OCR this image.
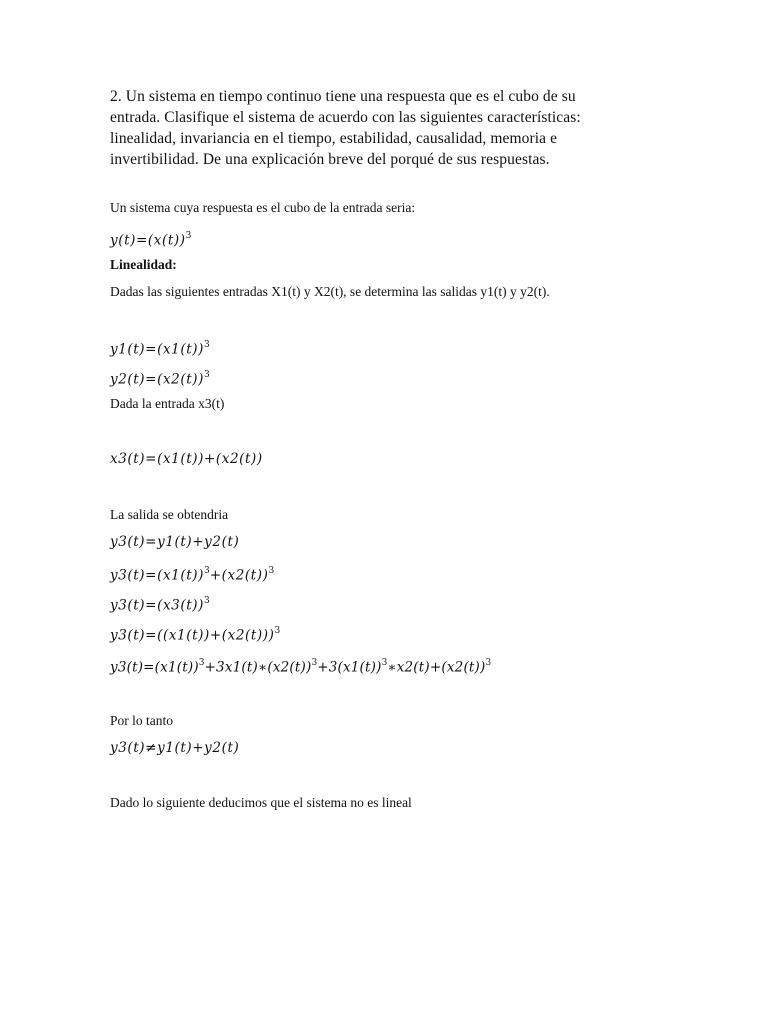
2. Un sistema en tiempo continuo tiene una respuesta que es el cubo de su
entrada. Clasifique el sistema de acuerdo con las siguientes características:
linealidad, invariancia en el tiempo, estabilidad, causalidad, memoria e
invertibilidad. De una explicación breve del porqué de sus respuestas.
Un sistema cuya respuesta es el cubo de la entrada seria:
$y(t)=(x(t))^3$
Linealidad:
Dadas las siguientes entradas X1(t) y X2(t), se determina las salidas y1(t) y y2(t).
$y1(t)=(x1(t))^3$
$y2(t)=(x2(t))^3$
Dada la entrada x3(t)
x3(t)=(x1(t))+(x2(t))
La salida se obtendria
y3(t)=y1(t)+y2(t)
$y3(t)=(x1(t))^3+(x2(t))^3$
$y3(t)=(x3(t))^3$
$y3(t)=((x1(t))+(x2(t)))^3$
$y3(t)=(x1(t))^3+3x1(t)∗(x2(t))^3+3(x1(t))^3∗x2(t)+(x2(t))^3$
Por lo tanto
y3(t)≠y1(t)+y2(t)
Dado lo siguiente deducimos que el sistema no es lineal
